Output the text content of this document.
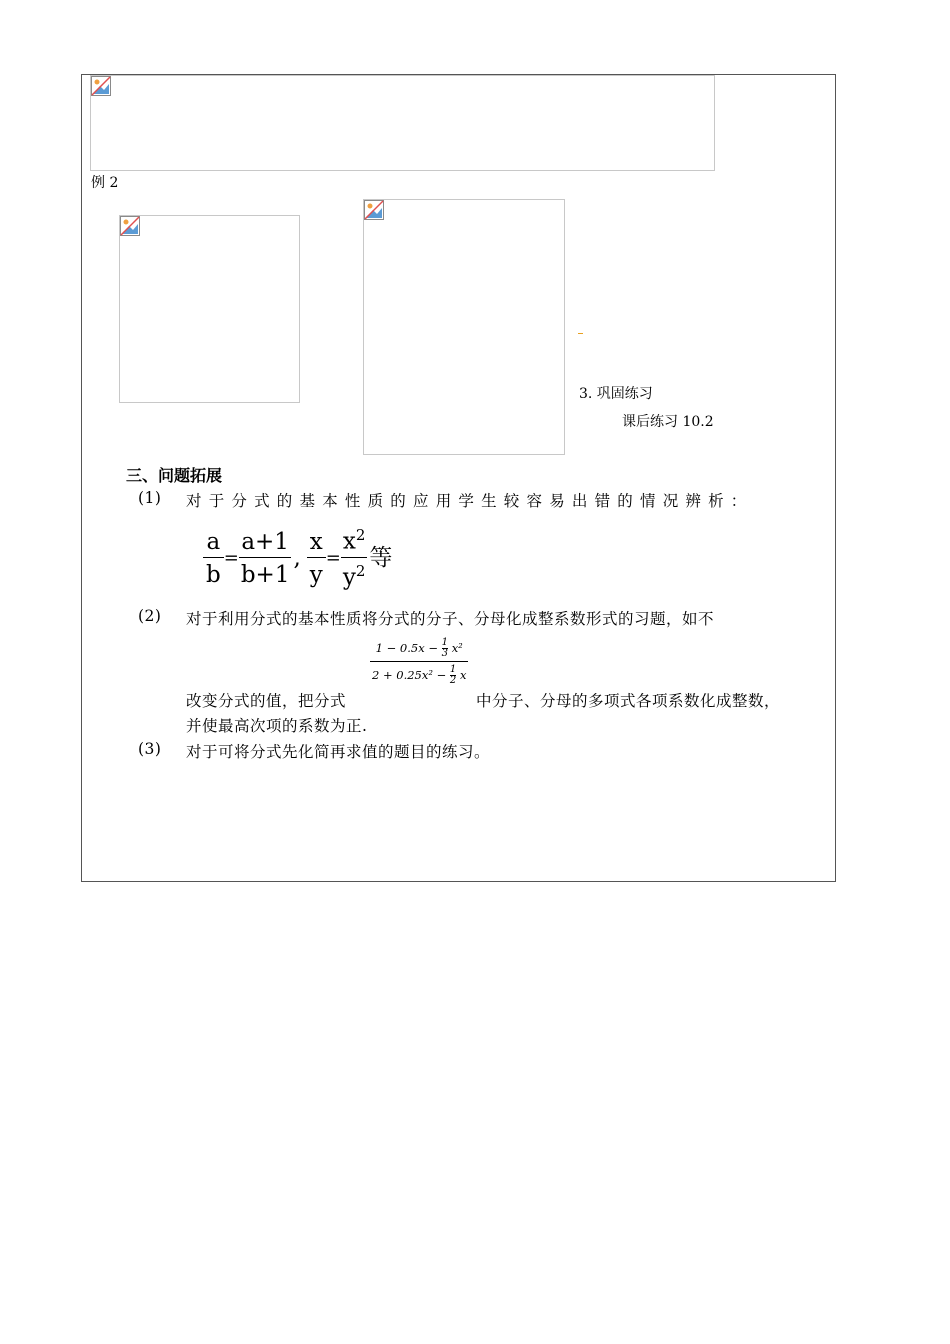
例 2
3. 巩固练习
课后练习 10.2
三、问题拓展
(1) 对于分式的基本性质的应用学生较容易出错的情况辨析：
$\frac{a}{b} = \frac{a+1}{b+1}$ , $\frac{x}{y} = \frac{x^2}{y^2}$ 等
(2) 对于利用分式的基本性质将分式的分子、分母化成整系数形式的习题，如不
$1 - 0.5x - \frac{1}{3} x^2$
$2 + 0.25x^2 - \frac{1}{2}$ x
改变分式的值，把分式	中分子、分母的多项式各项系数化成整数，
并使最高次项的系数为正.
(3) 对于可将分式先化简再求值的题目的练习。
